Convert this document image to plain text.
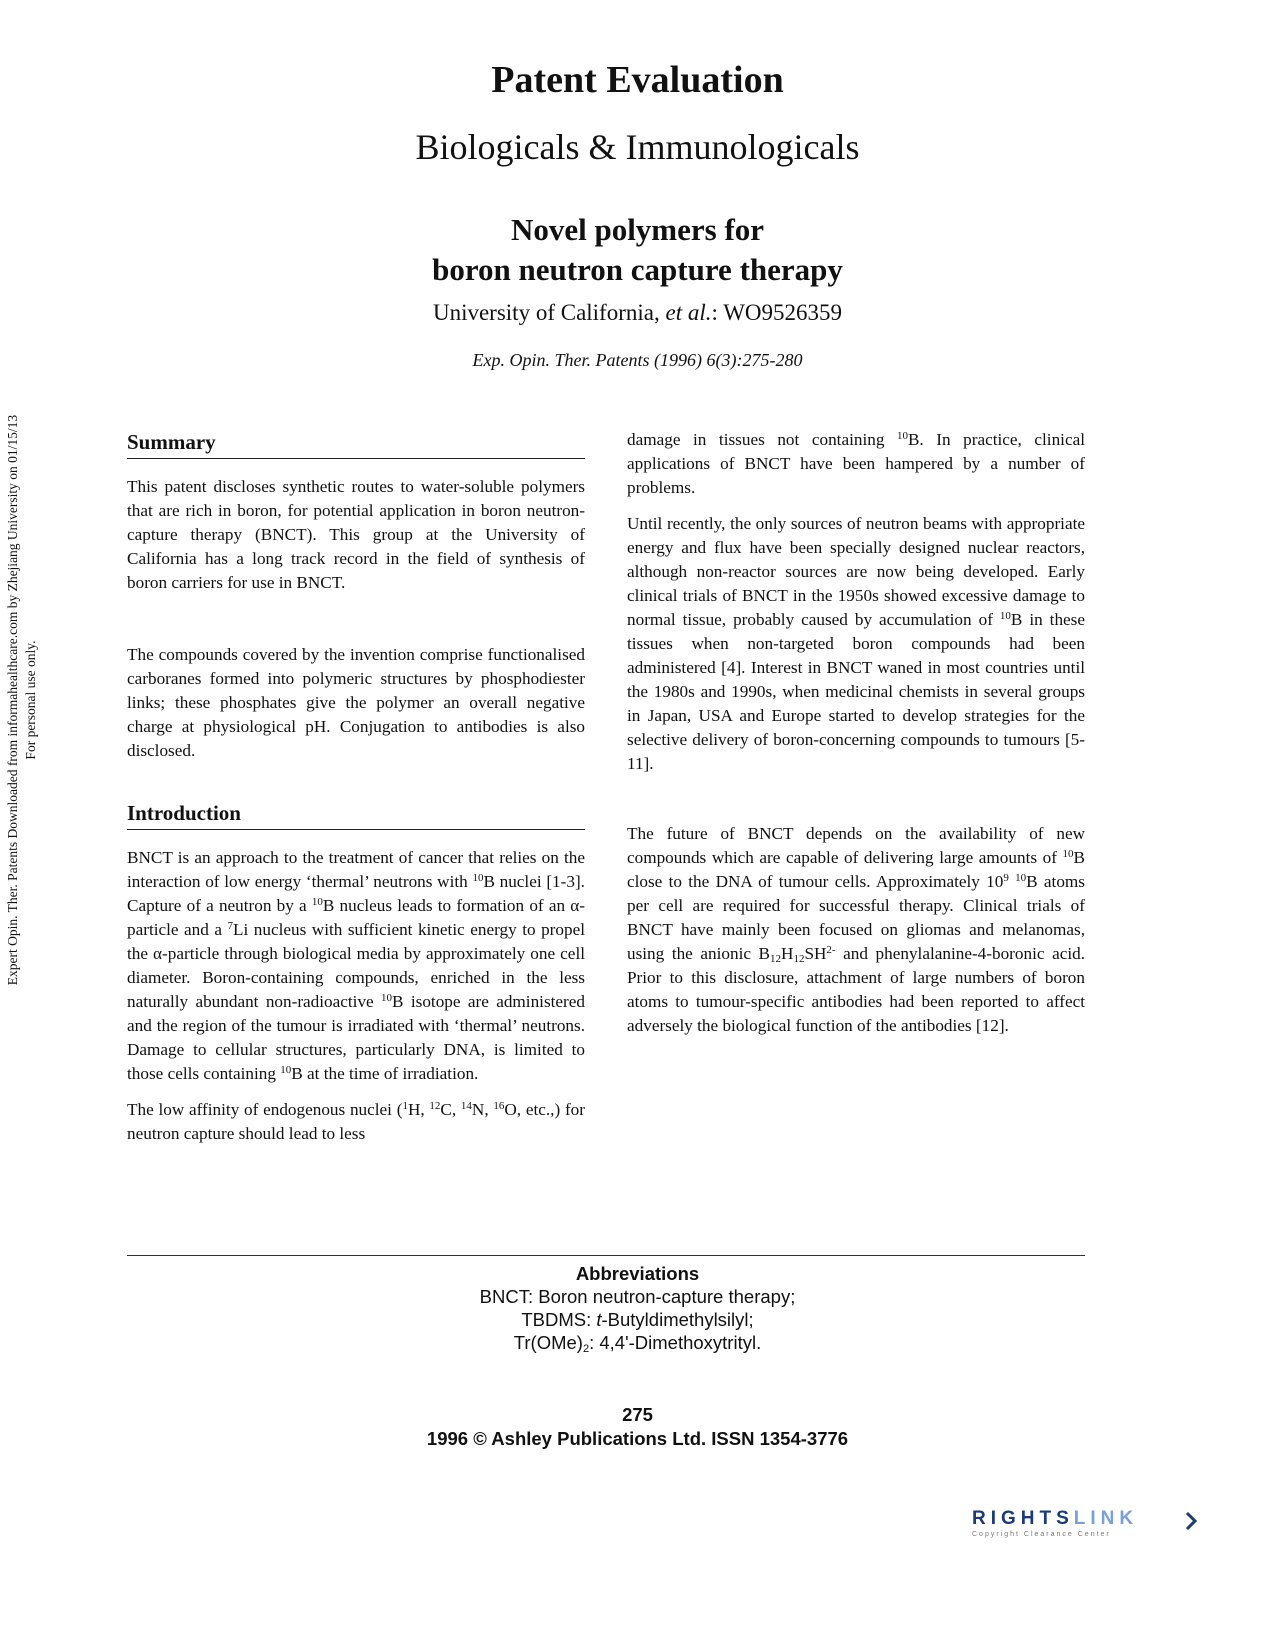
Patent Evaluation
Biologicals & Immunologicals
Novel polymers for
boron neutron capture therapy
University of California, et al.: WO9526359
Exp. Opin. Ther. Patents (1996) 6(3):275-280
Expert Opin. Ther. Patents Downloaded from informahealthcare.com by Zhejiang University on 01/15/13 For personal use only.
Summary

This patent discloses synthetic routes to water-soluble polymers that are rich in boron, for potential application in boron neutron-capture therapy (BNCT). This group at the University of California has a long track record in the field of synthesis of boron carriers for use in BNCT.

The compounds covered by the invention comprise functionalised carboranes formed into polymeric structures by phosphodiester links; these phosphates give the polymer an overall negative charge at physiological pH. Conjugation to antibodies is also disclosed.

Introduction

BNCT is an approach to the treatment of cancer that relies on the interaction of low energy ‘thermal’ neutrons with $^{10}$B nuclei [1-3]. Capture of a neutron by a $^{10}$B nucleus leads to formation of an α-particle and a $^7$Li nucleus with sufficient kinetic energy to propel the α-particle through biological media by approximately one cell diameter. Boron-containing compounds, enriched in the less naturally abundant non-radioactive $^{10}$B isotope are administered and the region of the tumour is irradiated with ‘thermal’ neutrons. Damage to cellular structures, particularly DNA, is limited to those cells containing $^{10}$B at the time of irradiation.

The low affinity of endogenous nuclei ($^1$H, $^{12}$C, $^{14}$N, $^{16}$O, etc.,) for neutron capture should lead to less

damage in tissues not containing $^{10}$B. In practice, clinical applications of BNCT have been hampered by a number of problems.

Until recently, the only sources of neutron beams with appropriate energy and flux have been specially designed nuclear reactors, although non-reactor sources are now being developed. Early clinical trials of BNCT in the 1950s showed excessive damage to normal tissue, probably caused by accumulation of $^{10}$B in these tissues when non-targeted boron compounds had been administered [4]. Interest in BNCT waned in most countries until the 1980s and 1990s, when medicinal chemists in several groups in Japan, USA and Europe started to develop strategies for the selective delivery of boron-concerning compounds to tumours [5-11].

The future of BNCT depends on the availability of new compounds which are capable of delivering large amounts of $^{10}$B close to the DNA of tumour cells. Approximately $10^9$ $^{10}$B atoms per cell are required for successful therapy. Clinical trials of BNCT have mainly been focused on gliomas and melanomas, using the anionic $B_{12}H_{12}SH^{2-}$ and phenylalanine-4-boronic acid. Prior to this disclosure, attachment of large numbers of boron atoms to tumour-specific antibodies had been reported to affect adversely the biological function of the antibodies [12].

Abbreviations
BNCT: Boron neutron-capture therapy;
TBDMS: t-Butyldimethylsilyl;
$Tr(OMe)_2$: 4,4'-Dimethoxytrityl.
275
1996 © Ashley Publications Ltd. ISSN 1354-3776
RIGHTSLINK
Copyright Clearance Center
